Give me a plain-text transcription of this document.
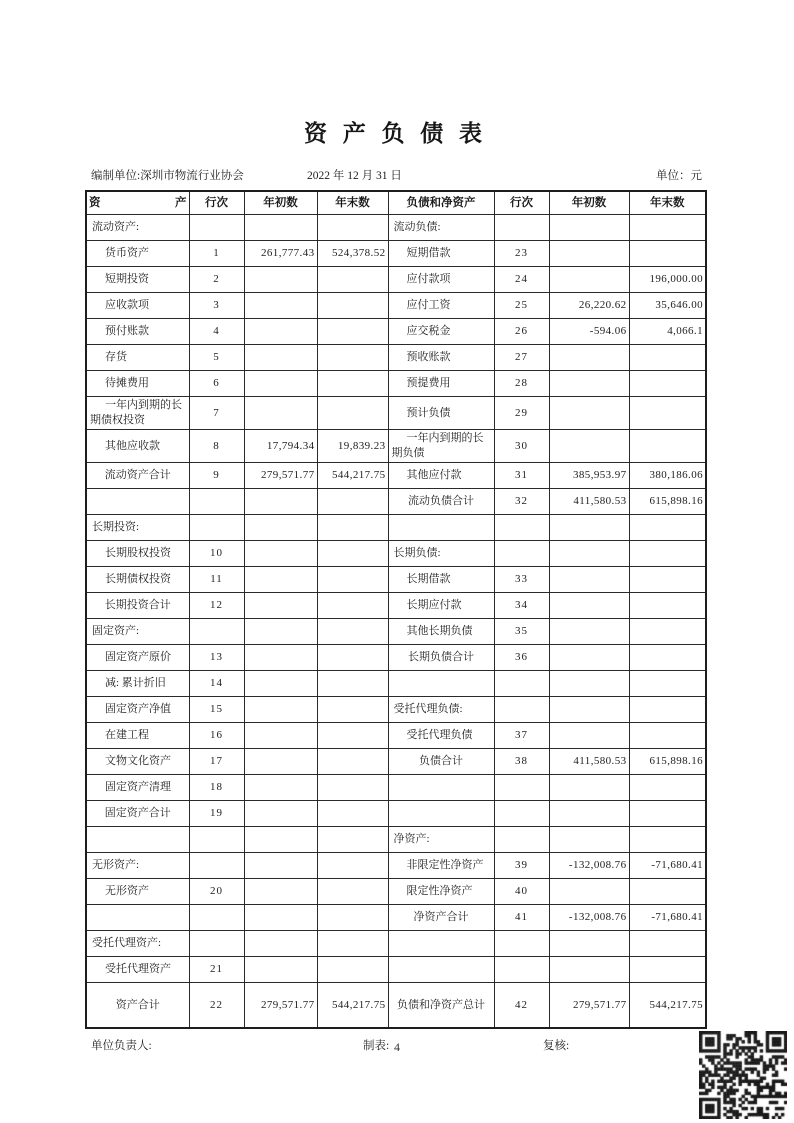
资 产 负 债 表
编制单位:深圳市物流行业协会	2022 年 12 月 31 日	单位：元
资 产	行次	年初数	年末数	负债和净资产	行次	年初数	年末数
流动资产:				流动负债:			
货币资产	1	261,777.43	524,378.52	短期借款	23		
短期投资	2			应付款项	24		196,000.00
应收款项	3			应付工资	25	26,220.62	35,646.00
预付账款	4			应交税金	26	-594.06	4,066.1
存货	5			预收账款	27		
待摊费用	6			预提费用	28		
一年内到期的长期债权投资	7			预计负债	29		
其他应收款	8	17,794.34	19,839.23	一年内到期的长期负债	30		
流动资产合计	9	279,571.77	544,217.75	其他应付款	31	385,953.97	380,186.06
				流动负债合计	32	411,580.53	615,898.16
长期投资:							
长期股权投资	10			长期负债:			
长期债权投资	11			长期借款	33		
长期投资合计	12			长期应付款	34		
固定资产:				其他长期负债	35		
固定资产原价	13			长期负债合计	36		
减: 累计折旧	14						
固定资产净值	15			受托代理负债:			
在建工程	16			受托代理负债	37		
文物文化资产	17			负债合计	38	411,580.53	615,898.16
固定资产清理	18						
固定资产合计	19						
				净资产:			
无形资产:				非限定性净资产	39	-132,008.76	-71,680.41
无形资产	20			限定性净资产	40		
				净资产合计	41	-132,008.76	-71,680.41
受托代理资产:							
受托代理资产	21						
资产合计	22	279,571.77	544,217.75	负债和净资产总计	42	279,571.77	544,217.75
单位负责人:	制表:	复核:
4
